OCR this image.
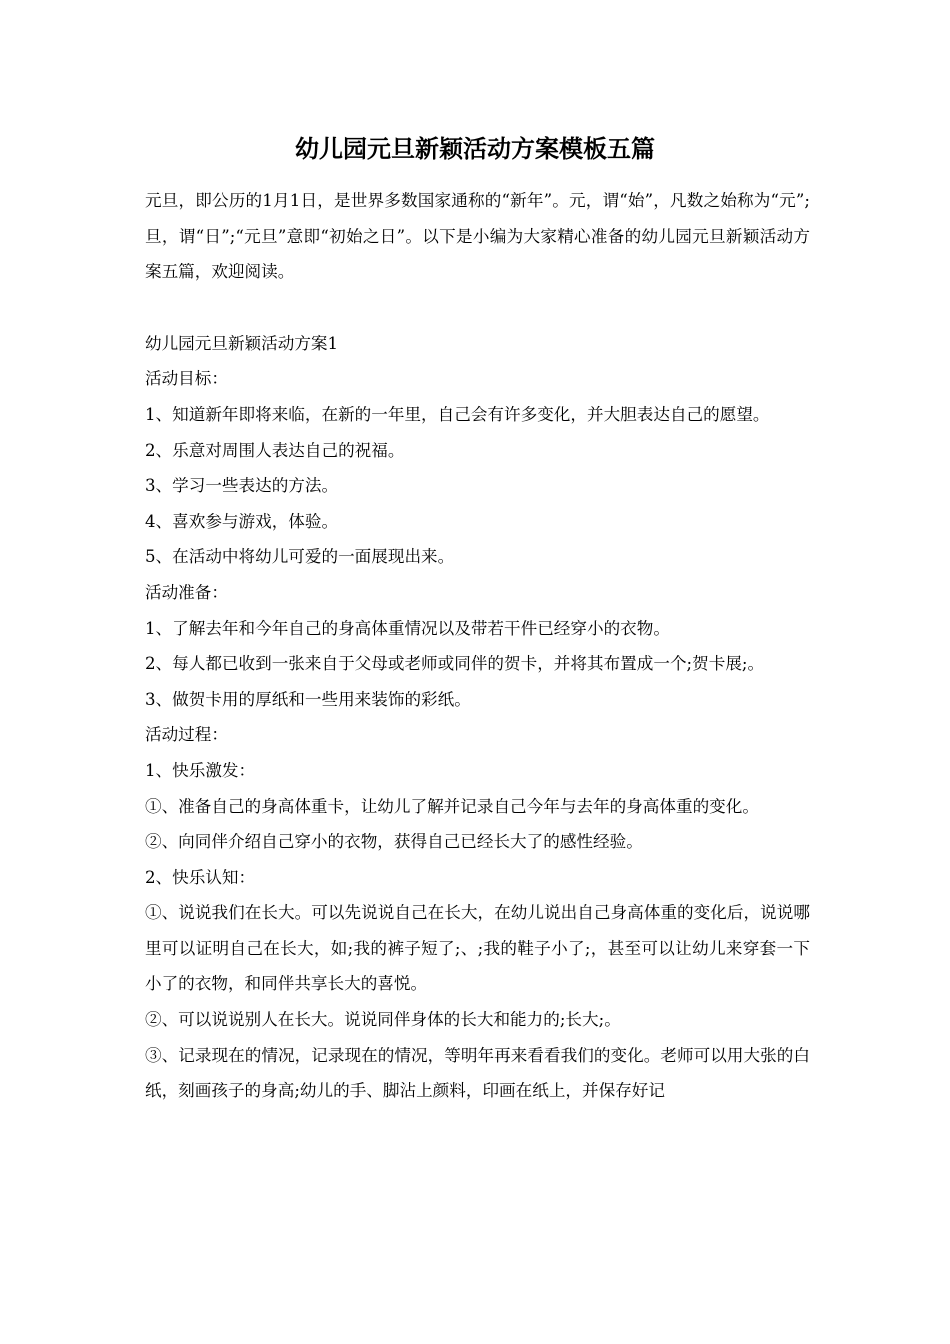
幼儿园元旦新颖活动方案模板五篇

元旦，即公历的1月1日，是世界多数国家通称的“新年”。元，谓“始”，凡数之始称为“元”;旦，谓“日”;“元旦”意即“初始之日”。以下是小编为大家精心准备的幼儿园元旦新颖活动方案五篇，欢迎阅读。

幼儿园元旦新颖活动方案1

活动目标：

1、知道新年即将来临，在新的一年里，自己会有许多变化，并大胆表达自己的愿望。

2、乐意对周围人表达自己的祝福。

3、学习一些表达的方法。

4、喜欢参与游戏，体验。

5、在活动中将幼儿可爱的一面展现出来。

活动准备：

1、了解去年和今年自己的身高体重情况以及带若干件已经穿小的衣物。

2、每人都已收到一张来自于父母或老师或同伴的贺卡，并将其布置成一个;贺卡展;。

3、做贺卡用的厚纸和一些用来装饰的彩纸。

活动过程：

1、快乐激发：

①、准备自己的身高体重卡，让幼儿了解并记录自己今年与去年的身高体重的变化。

②、向同伴介绍自己穿小的衣物，获得自己已经长大了的感性经验。

2、快乐认知：

①、说说我们在长大。可以先说说自己在长大，在幼儿说出自己身高体重的变化后，说说哪里可以证明自己在长大，如;我的裤子短了;、;我的鞋子小了;，甚至可以让幼儿来穿套一下小了的衣物，和同伴共享长大的喜悦。

②、可以说说别人在长大。说说同伴身体的长大和能力的;长大;。

③、记录现在的情况，记录现在的情况，等明年再来看看我们的变化。老师可以用大张的白纸，刻画孩子的身高;幼儿的手、脚沾上颜料，印画在纸上，并保存好记
